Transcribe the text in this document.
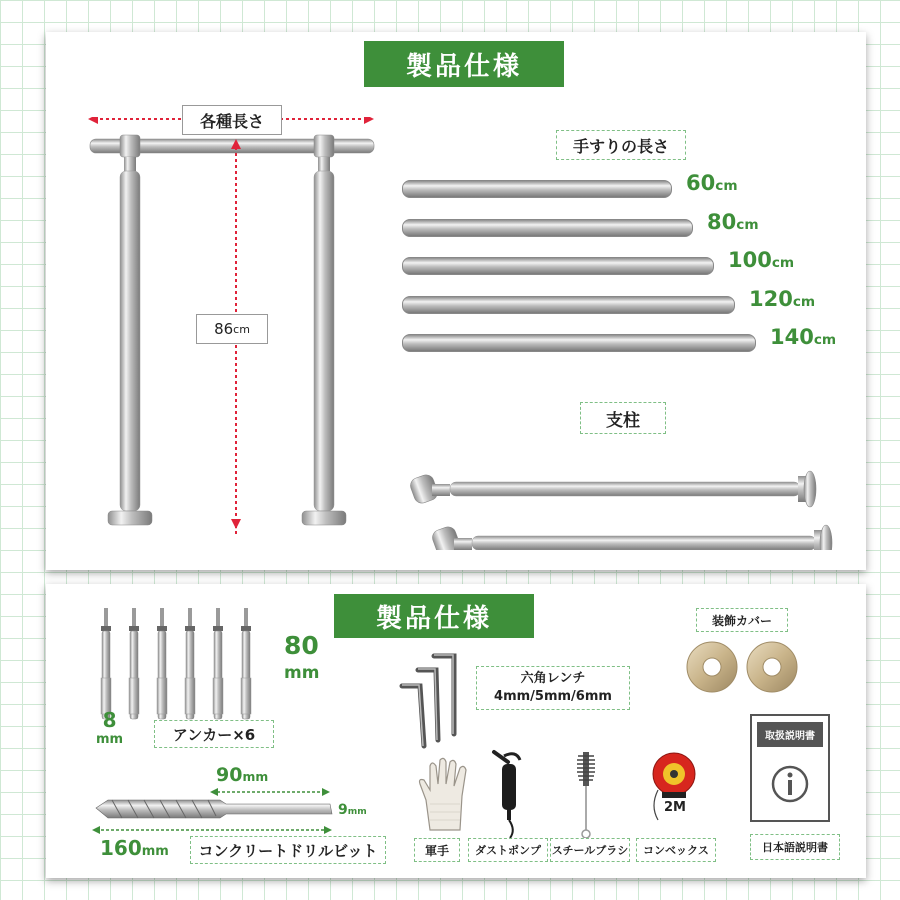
製品仕様
各種長さ
86 cm
手すりの長さ
支柱
60cm
80cm
100cm
120cm
140cm
製品仕様
80
mm
8
mm	アンカー×6
90mm
9mm
160mm	コンクリートドリルビット
六角レンチ
4mm/5mm/6mm
装飾カバー
取扱説明書
日本語説明書
軍手	ダストポンプ スチールブラシ
2M
コンベックス
